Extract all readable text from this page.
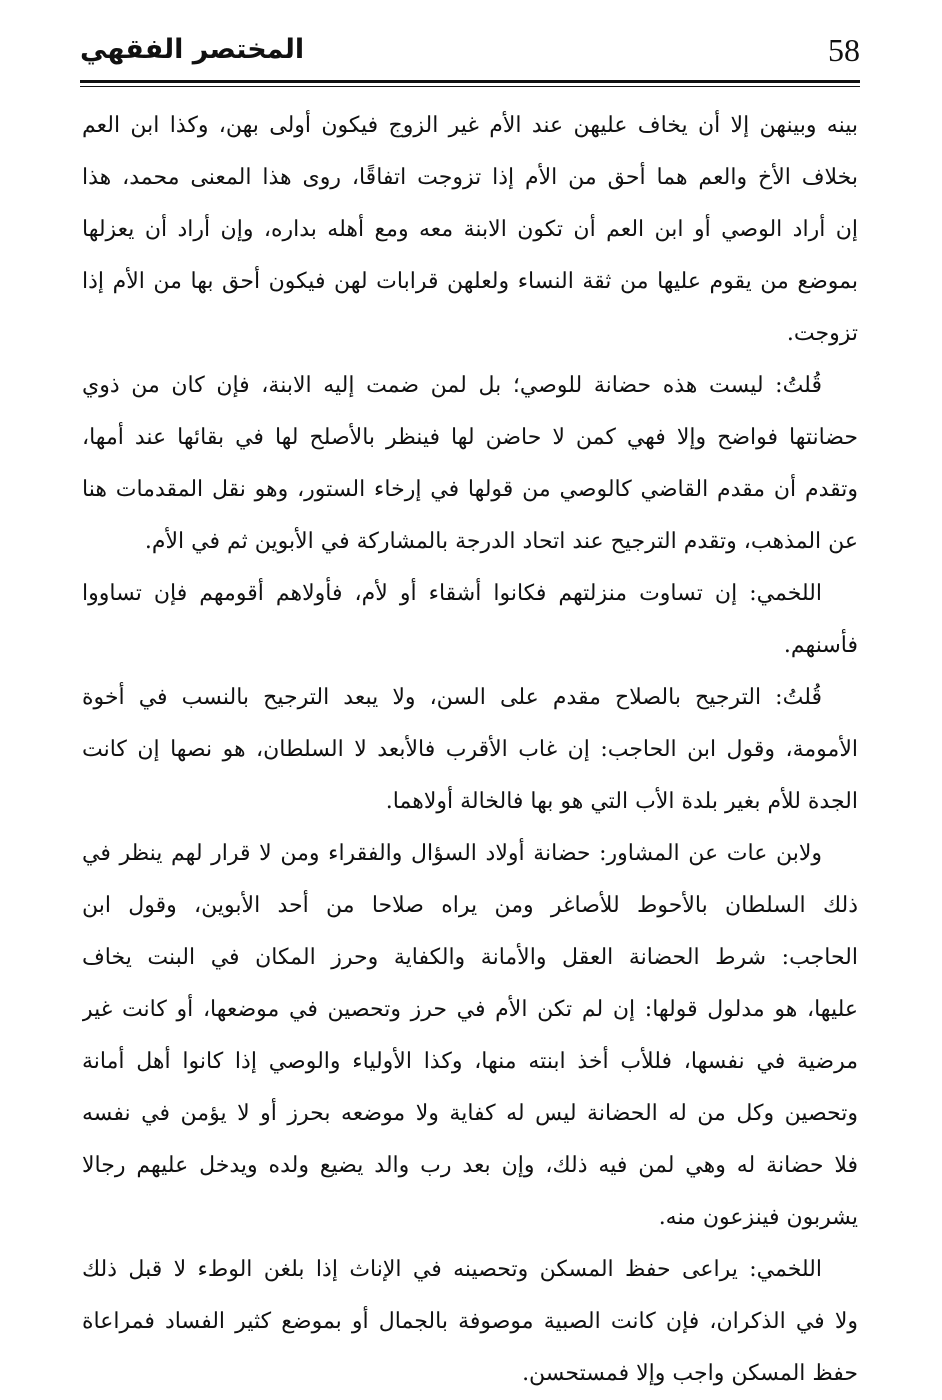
58
المختصر الفقهي
بينه وبينهن إلا أن يخاف عليهن عند الأم غير الزوج فيكون أولى بهن، وكذا ابن العم
بخلاف الأخ والعم هما أحق من الأم إذا تزوجت اتفاقًا، روى هذا المعنى محمد، هذا
إن أراد الوصي أو ابن العم أن تكون الابنة معه ومع أهله بداره، وإن أراد أن يعزلها
بموضع من يقوم عليها من ثقة النساء ولعلهن قرابات لهن فيكون أحق بها من الأم إذا
تزوجت.
قُلتُ: ليست هذه حضانة للوصي؛ بل لمن ضمت إليه الابنة، فإن كان من ذوي
حضانتها فواضح وإلا فهي كمن لا حاضن لها فينظر بالأصلح لها في بقائها عند أمها،
وتقدم أن مقدم القاضي كالوصي من قولها في إرخاء الستور، وهو نقل المقدمات هنا
عن المذهب، وتقدم الترجيح عند اتحاد الدرجة بالمشاركة في الأبوين ثم في الأم.
اللخمي: إن تساوت منزلتهم فكانوا أشقاء أو لأم، فأولاهم أقومهم فإن تساووا
فأسنهم.
قُلتُ: الترجيح بالصلاح مقدم على السن، ولا يبعد الترجيح بالنسب في أخوة
الأمومة، وقول ابن الحاجب: إن غاب الأقرب فالأبعد لا السلطان، هو نصها إن كانت
الجدة للأم بغير بلدة الأب التي هو بها فالخالة أولاهما.
ولابن عات عن المشاور: حضانة أولاد السؤال والفقراء ومن لا قرار لهم ينظر في
ذلك السلطان بالأحوط للأصاغر ومن يراه صلاحا من أحد الأبوين، وقول ابن
الحاجب: شرط الحضانة العقل والأمانة والكفاية وحرز المكان في البنت يخاف
عليها، هو مدلول قولها: إن لم تكن الأم في حرز وتحصين في موضعها، أو كانت غير
مرضية في نفسها، فللأب أخذ ابنته منها، وكذا الأولياء والوصي إذا كانوا أهل أمانة
وتحصين وكل من له الحضانة ليس له كفاية ولا موضعه بحرز أو لا يؤمن في نفسه
فلا حضانة له وهي لمن فيه ذلك، وإن بعد رب والد يضيع ولده ويدخل عليهم رجالا
يشربون فينزعون منه.
اللخمي: يراعى حفظ المسكن وتحصينه في الإناث إذا بلغن الوطء لا قبل ذلك
ولا في الذكران، فإن كانت الصبية موصوفة بالجمال أو بموضع كثير الفساد فمراعاة
حفظ المسكن واجب وإلا فمستحسن.
